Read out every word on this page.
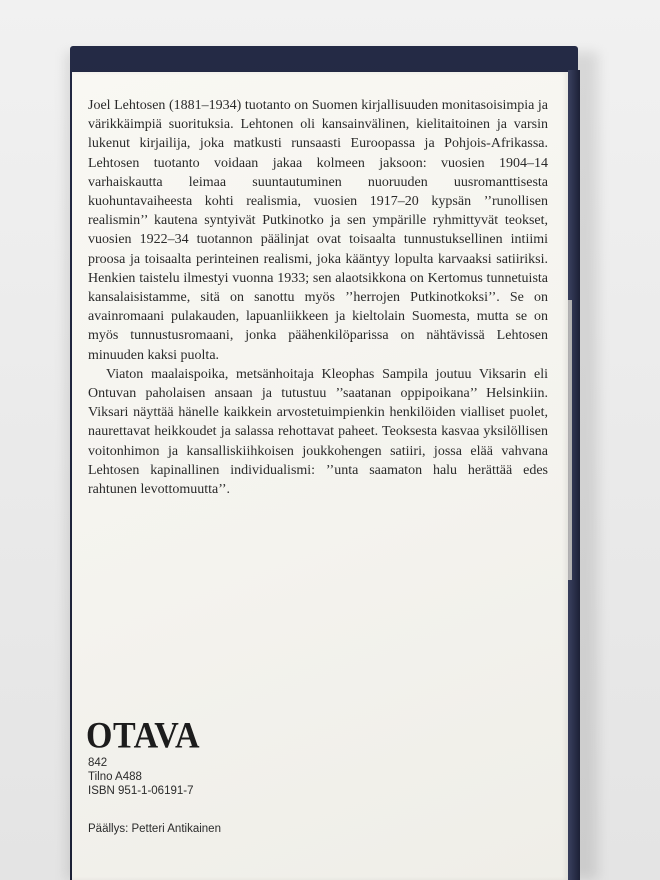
Joel Lehtosen (1881–1934) tuotanto on Suomen kirjallisuuden monitasoisimpia ja värikkäimpiä suorituksia. Lehtonen oli kansainvälinen, kielitaitoinen ja varsin lukenut kirjailija, joka matkusti runsaasti Euroopassa ja Pohjois-Afrikassa. Lehtosen tuotanto voidaan jakaa kolmeen jaksoon: vuosien 1904–14 varhaiskautta leimaa suuntautuminen nuoruuden uusromanttisesta kuohuntavaiheesta kohti realismia, vuosien 1917–20 kypsän ’’runollisen realismin’’ kautena syntyivät Putkinotko ja sen ympärille ryhmittyvät teokset, vuosien 1922–34 tuotannon päälinjat ovat toisaalta tunnustuksellinen intiimi proosa ja toisaalta perinteinen realismi, joka kääntyy lopulta karvaaksi satiiriksi. Henkien taistelu ilmestyi vuonna 1933; sen alaotsikkona on Kertomus tunnetuista kansalaisistamme, sitä on sanottu myös ’’herrojen Putkinotkoksi’’. Se on avainromaani pulakauden, lapuanliikkeen ja kieltolain Suomesta, mutta se on myös tunnustusromaani, jonka päähenkilöparissa on nähtävissä Lehtosen minuuden kaksi puolta.

Viaton maalaispoika, metsänhoitaja Kleophas Sampila joutuu Viksarin eli Ontuvan paholaisen ansaan ja tutustuu ’’saatanan oppipoikana’’ Helsinkiin. Viksari näyttää hänelle kaikkein arvostetuimpienkin henkilöiden vialliset puolet, naurettavat heikkoudet ja salassa rehottavat paheet. Teoksesta kasvaa yksilöllisen voitonhimon ja kansalliskiihkoisen joukkohengen satiiri, jossa elää vahvana Lehtosen kapinallinen individualismi: ’’unta saamaton halu herättää edes rahtunen levottomuutta’’.

OTAVA
842
Tilno A488
ISBN 951-1-06191-7
Päällys: Petteri Antikainen
